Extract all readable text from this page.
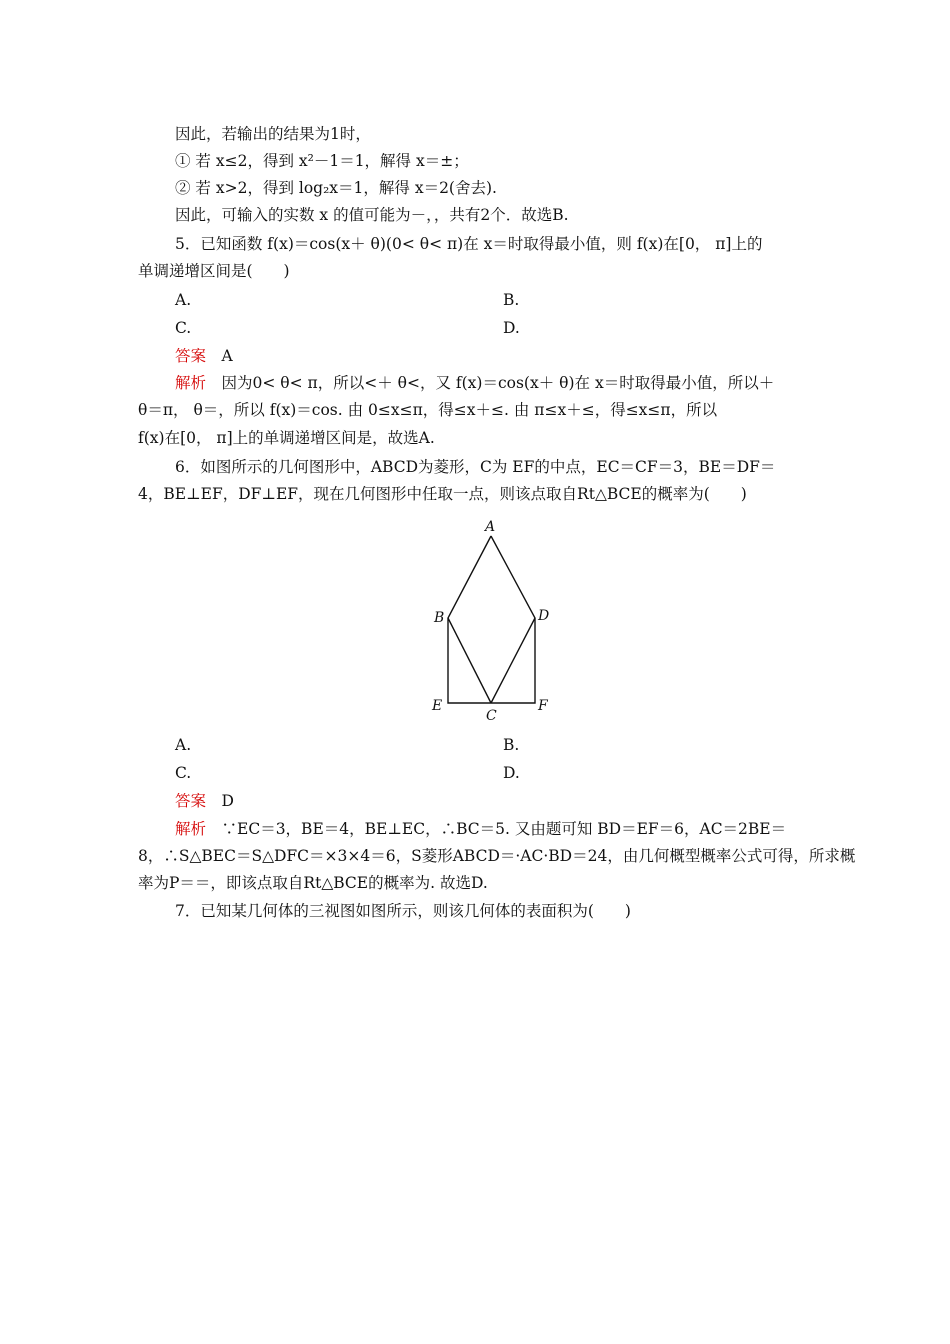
因此，若输出的结果为1时，
① 若 x≤2，得到 x²－1＝1，解得 x＝±；
② 若 x>2，得到 log₂x＝1，解得 x＝2(舍去).
因此，可输入的实数 x 的值可能为－，，共有2个．故选B.
5．已知函数 f(x)＝cos(x＋ θ)(0< θ< π)在 x＝时取得最小值，则 f(x)在[0， π]上的
单调递增区间是(　　)
A.	B.
C.	D.
答案　A
解析　因为0< θ< π，所以<＋ θ<，又 f(x)＝cos(x＋ θ)在 x＝时取得最小值，所以＋
θ＝π， θ＝，所以 f(x)＝cos. 由 0≤x≤π，得≤x＋≤. 由 π≤x＋≤，得≤x≤π，所以
f(x)在[0， π]上的单调递增区间是，故选A.
6．如图所示的几何图形中，ABCD为菱形，C为 EF的中点，EC＝CF＝3，BE＝DF＝
4，BE⊥EF，DF⊥EF，现在几何图形中任取一点，则该点取自Rt△BCE的概率为(　　)
A
B	D
E
C
F
A.	B.
C.	D.
答案　D
解析　∵EC＝3，BE＝4，BE⊥EC，∴BC＝5. 又由题可知 BD＝EF＝6，AC＝2BE＝
8，∴S△BEC＝S△DFC＝×3×4＝6，S菱形ABCD＝·AC·BD＝24，由几何概型概率公式可得，所求概
率为P＝＝，即该点取自Rt△BCE的概率为. 故选D.
7．已知某几何体的三视图如图所示，则该几何体的表面积为(　　)
